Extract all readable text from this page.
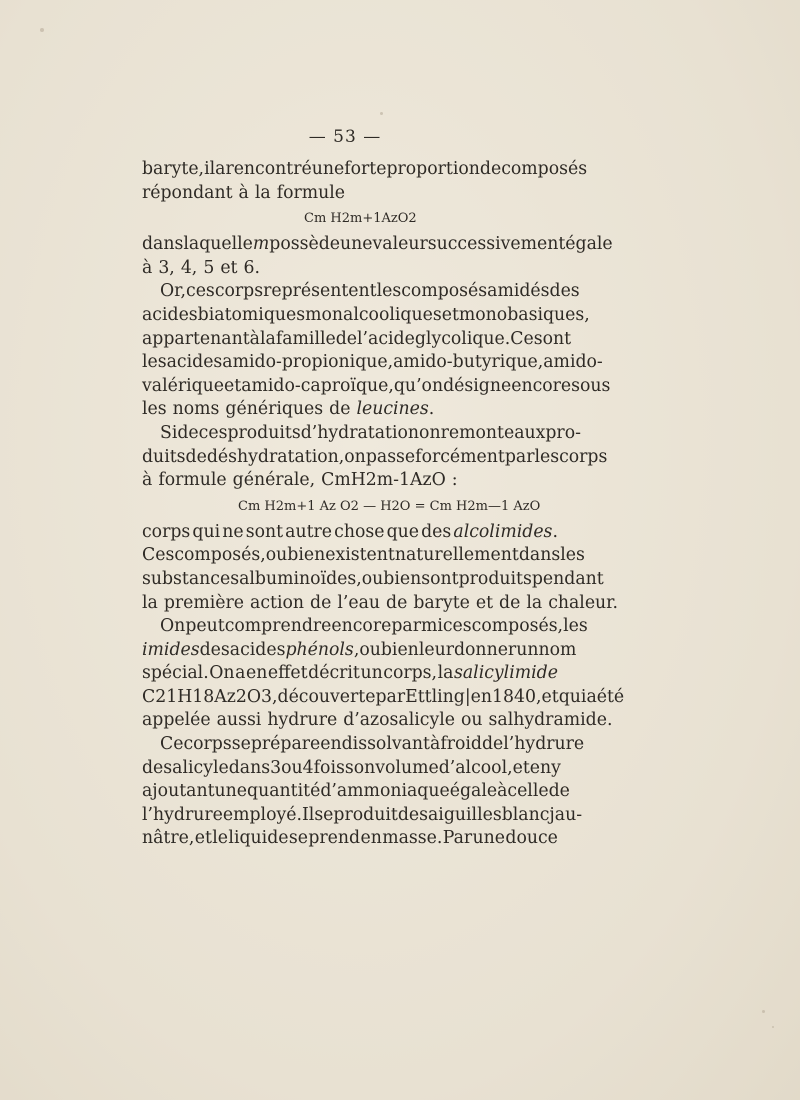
— 53 —
baryte, il a rencontré une forte proportion de composés
répondant à la formule
Cm H2m+1AzO2
dans laquelle m possède une valeur successivement égale
à 3, 4, 5 et 6.
Or, ces corps représentent les composés amidés des
acides biatomiques monalcooliques et monobasiques,
appartenant à la famille de l’acide glycolique. Ce sont
les acides amido-propionique, amido-butyrique, amido-
valérique et amido-caproïque, qu’on désigne encore sous
les noms génériques de leucines.
Si de ces produits d’hydratation on remonte aux pro-
duits de déshydratation, on passe forcément par les corps
à formule générale, CmH2m-1AzO :
Cm H2m+1 Az O2 — H2O = Cm H2m—1 AzO
corps qui ne sont autre chose que des alcolimides.
Ces composés, ou bien existent naturellement dans les
substances albuminoïdes, ou bien sont produits pendant
la première action de l’eau de baryte et de la chaleur.
On peut comprendre encore parmi ces composés, les
imides des acides phénols, ou bien leur donner un nom
spécial. On a en effet décrit un corps, la salicylimide
C21H18Az2O3, découverte par Ettling |en 1840, et qui a été
appelée aussi hydrure d’azosalicyle ou salhydramide.
Ce corps se prépare en dissolvant à froid de l’hydrure
de salicyle dans 3 ou 4 fois son volume d’alcool, et en y
ajoutant une quantité d’ammoniaque égale à celle de
l’hydrure employé. Il se produit des aiguilles blanc jau-
nâtre, et le liquide se prend en masse. Par une douce
